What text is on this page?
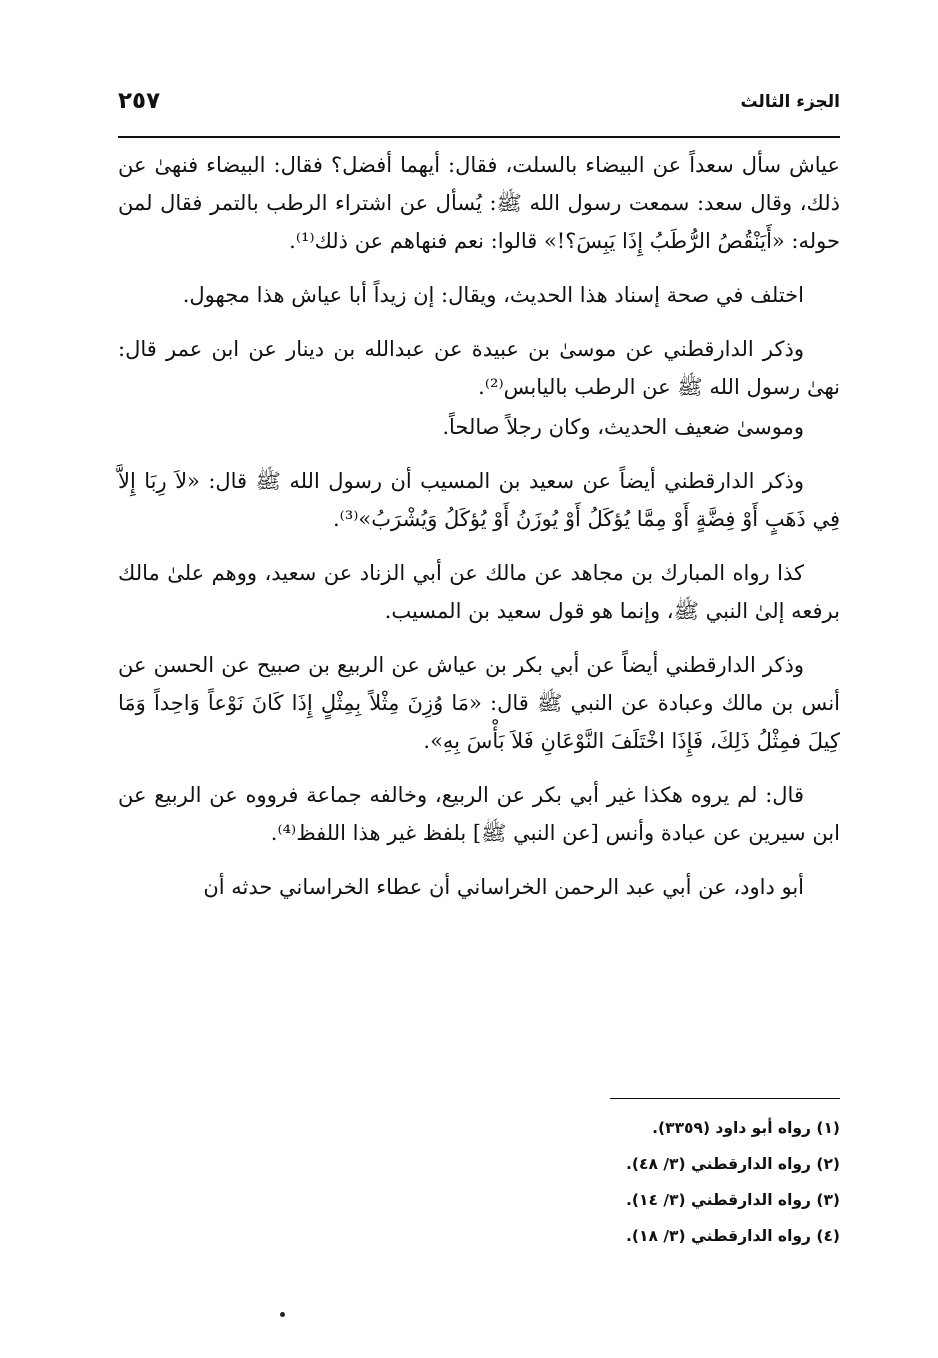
الجزء الثالث
٢٥٧

عياش سأل سعداً عن البيضاء بالسلت، فقال: أيهما أفضل؟ فقال: البيضاء فنهىٰ عن ذلك، وقال سعد: سمعت رسول الله ﷺ: يُسأل عن اشتراء الرطب بالتمر فقال لمن حوله: «أَيَنْقُصُ الرُّطَبُ إِذَا يَبِسَ؟!» قالوا: نعم فنهاهم عن ذلك⁽¹⁾.

اختلف في صحة إسناد هذا الحديث، ويقال: إن زيداً أبا عياش هذا مجهول.

وذكر الدارقطني عن موسىٰ بن عبيدة عن عبدالله بن دينار عن ابن عمر قال: نهىٰ رسول الله ﷺ عن الرطب باليابس⁽²⁾.

وموسىٰ ضعيف الحديث، وكان رجلاً صالحاً.

وذكر الدارقطني أيضاً عن سعيد بن المسيب أن رسول الله ﷺ قال: «لاَ رِبَا إِلاَّ فِي ذَهَبٍ أَوْ فِضَّةٍ أَوْ مِمَّا يُؤكَلُ أَوْ يُوزَنُ أَوْ يُؤكَلُ وَيُشْرَبُ»⁽³⁾.

كذا رواه المبارك بن مجاهد عن مالك عن أبي الزناد عن سعيد، ووهم علىٰ مالك برفعه إلىٰ النبي ﷺ، وإنما هو قول سعيد بن المسيب.

وذكر الدارقطني أيضاً عن أبي بكر بن عياش عن الربيع بن صبيح عن الحسن عن أنس بن مالك وعبادة عن النبي ﷺ قال: «مَا وُزِنَ مِثْلاً بِمِثْلٍ إِذَا كَانَ نَوْعاً وَاحِداً وَمَا كِيلَ فمِثْلُ ذَلِكَ، فَإِذَا اخْتَلَفَ النَّوْعَانِ فَلاَ بَأْسَ بِهِ».

قال: لم يروه هكذا غير أبي بكر عن الربيع، وخالفه جماعة فرووه عن الربيع عن ابن سيرين عن عبادة وأنس [عن النبي ﷺ] بلفظ غير هذا اللفظ⁽⁴⁾.

أبو داود، عن أبي عبد الرحمن الخراساني أن عطاء الخراساني حدثه أن

(١) رواه أبو داود (٣٣٥٩).
(٢) رواه الدارقطني (٣/ ٤٨).
(٣) رواه الدارقطني (٣/ ١٤).
(٤) رواه الدارقطني (٣/ ١٨).
